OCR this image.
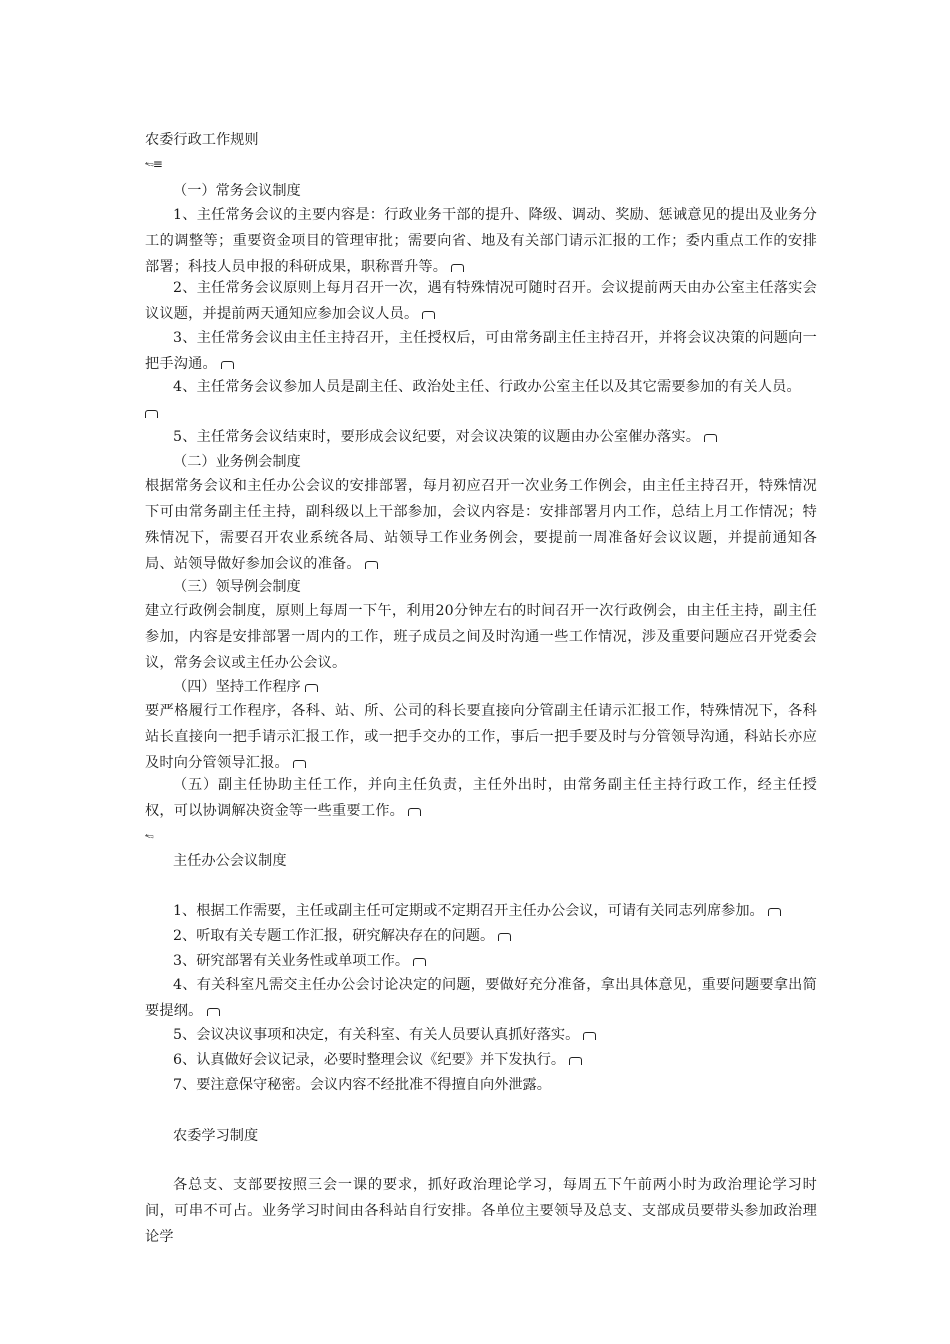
农委行政工作规则
🖘≡
（一）常务会议制度
1、主任常务会议的主要内容是：行政业务干部的提升、降级、调动、奖励、惩诫意见的提出及业务分工的调整等；重要资金项目的管理审批；需要向省、地及有关部门请示汇报的工作；委内重点工作的安排部署；科技人员申报的科研成果，职称晋升等。
2、主任常务会议原则上每月召开一次，遇有特殊情况可随时召开。会议提前两天由办公室主任落实会议议题，并提前两天通知应参加会议人员。
3、主任常务会议由主任主持召开，主任授权后，可由常务副主任主持召开，并将会议决策的问题向一把手沟通。
4、主任常务会议参加人员是副主任、政治处主任、行政办公室主任以及其它需要参加的有关人员。

5、主任常务会议结束时，要形成会议纪要，对会议决策的议题由办公室催办落实。
（二）业务例会制度
根据常务会议和主任办公会议的安排部署，每月初应召开一次业务工作例会，由主任主持召开，特殊情况下可由常务副主任主持，副科级以上干部参加，会议内容是：安排部署月内工作，总结上月工作情况；特殊情况下，需要召开农业系统各局、站领导工作业务例会，要提前一周准备好会议议题，并提前通知各局、站领导做好参加会议的准备。
（三）领导例会制度
建立行政例会制度，原则上每周一下午，利用20分钟左右的时间召开一次行政例会，由主任主持，副主任参加，内容是安排部署一周内的工作，班子成员之间及时沟通一些工作情况，涉及重要问题应召开党委会议，常务会议或主任办公会议。
（四）坚持工作程序
要严格履行工作程序，各科、站、所、公司的科长要直接向分管副主任请示汇报工作，特殊情况下，各科站长直接向一把手请示汇报工作，或一把手交办的工作，事后一把手要及时与分管领导沟通，科站长亦应及时向分管领导汇报。
（五）副主任协助主任工作，并向主任负责，主任外出时，由常务副主任主持行政工作，经主任授权，可以协调解决资金等一些重要工作。
🖘
主任办公会议制度
1、根据工作需要，主任或副主任可定期或不定期召开主任办公会议，可请有关同志列席参加。
2、听取有关专题工作汇报，研究解决存在的问题。
3、研究部署有关业务性或单项工作。
4、有关科室凡需交主任办公会讨论决定的问题，要做好充分准备，拿出具体意见，重要问题要拿出简要提纲。
5、会议决议事项和决定，有关科室、有关人员要认真抓好落实。
6、认真做好会议记录，必要时整理会议《纪要》并下发执行。
7、要注意保守秘密。会议内容不经批准不得擅自向外泄露。
农委学习制度
各总支、支部要按照三会一课的要求，抓好政治理论学习，每周五下午前两小时为政治理论学习时间，可串不可占。业务学习时间由各科站自行安排。各单位主要领导及总支、支部成员要带头参加政治理论学
